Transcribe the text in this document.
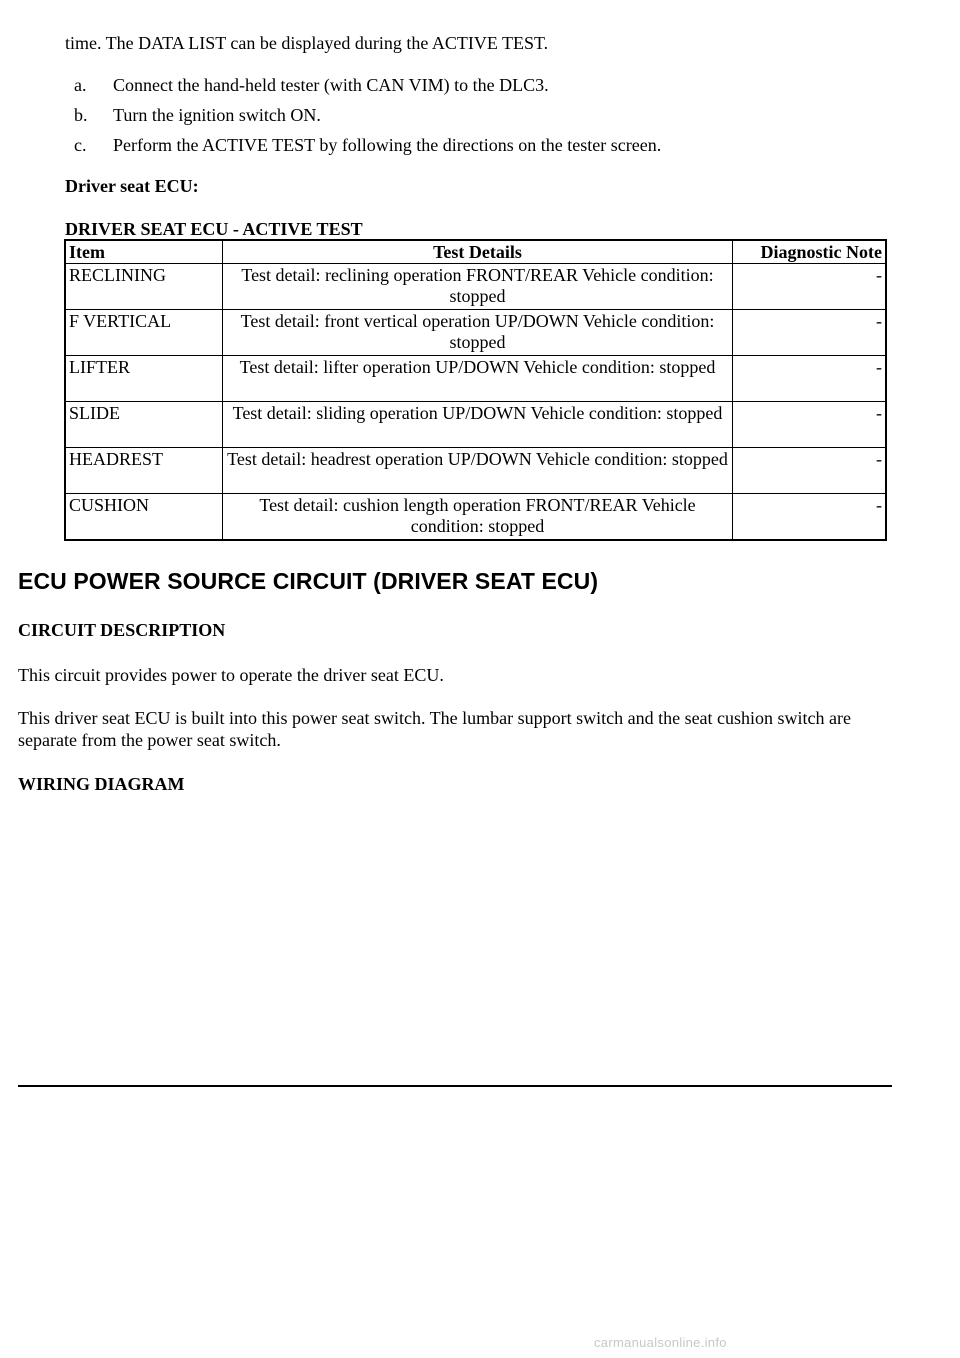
time. The DATA LIST can be displayed during the ACTIVE TEST.
a. Connect the hand-held tester (with CAN VIM) to the DLC3.
b. Turn the ignition switch ON.
c. Perform the ACTIVE TEST by following the directions on the tester screen.
Driver seat ECU:
DRIVER SEAT ECU - ACTIVE TEST
Item	Test Details	Diagnostic Note
RECLINING	Test detail: reclining operation FRONT/REAR Vehicle condition: stopped	-
F VERTICAL	Test detail: front vertical operation UP/DOWN Vehicle condition: stopped	-
LIFTER	Test detail: lifter operation UP/DOWN Vehicle condition: stopped	-
SLIDE	Test detail: sliding operation UP/DOWN Vehicle condition: stopped	-
HEADREST	Test detail: headrest operation UP/DOWN Vehicle condition: stopped	-
CUSHION	Test detail: cushion length operation FRONT/REAR Vehicle condition: stopped	-
ECU POWER SOURCE CIRCUIT (DRIVER SEAT ECU)
CIRCUIT DESCRIPTION
This circuit provides power to operate the driver seat ECU.
This driver seat ECU is built into this power seat switch. The lumbar support switch and the seat cushion switch are separate from the power seat switch.
WIRING DIAGRAM
carmanualsonline.info
